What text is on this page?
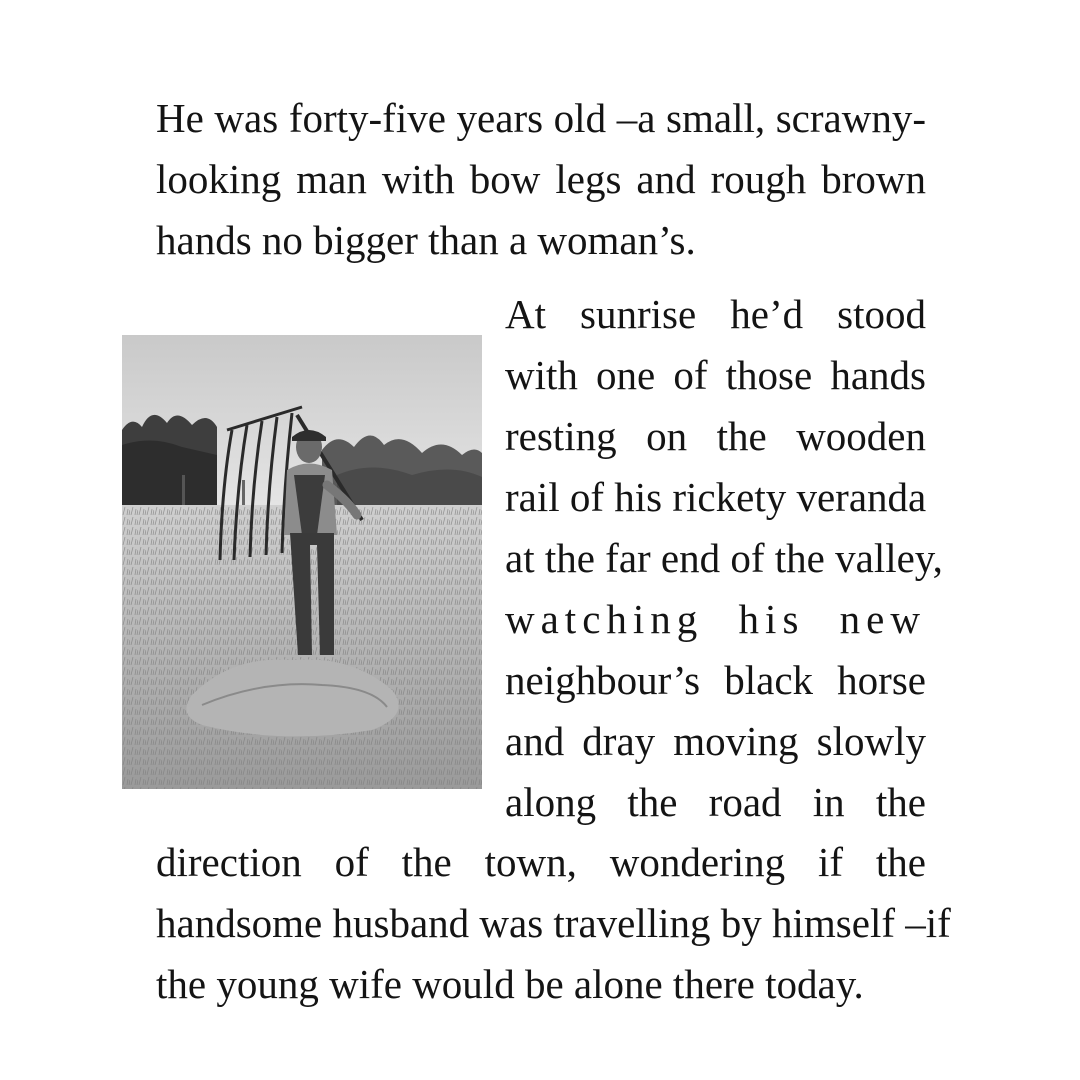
He was forty-five years old –a small, scrawny-
looking man with bow legs and rough brown
hands no bigger than a woman’s.
At sunrise he’d stood
with one of those hands
resting on the wooden
rail of his rickety veranda
at the far end of the valley,
watching his new
neighbour’s black horse
and dray moving slowly
along the road in the
direction of the town, wondering if the
handsome husband was travelling by himself –if
the young wife would be alone there today.
